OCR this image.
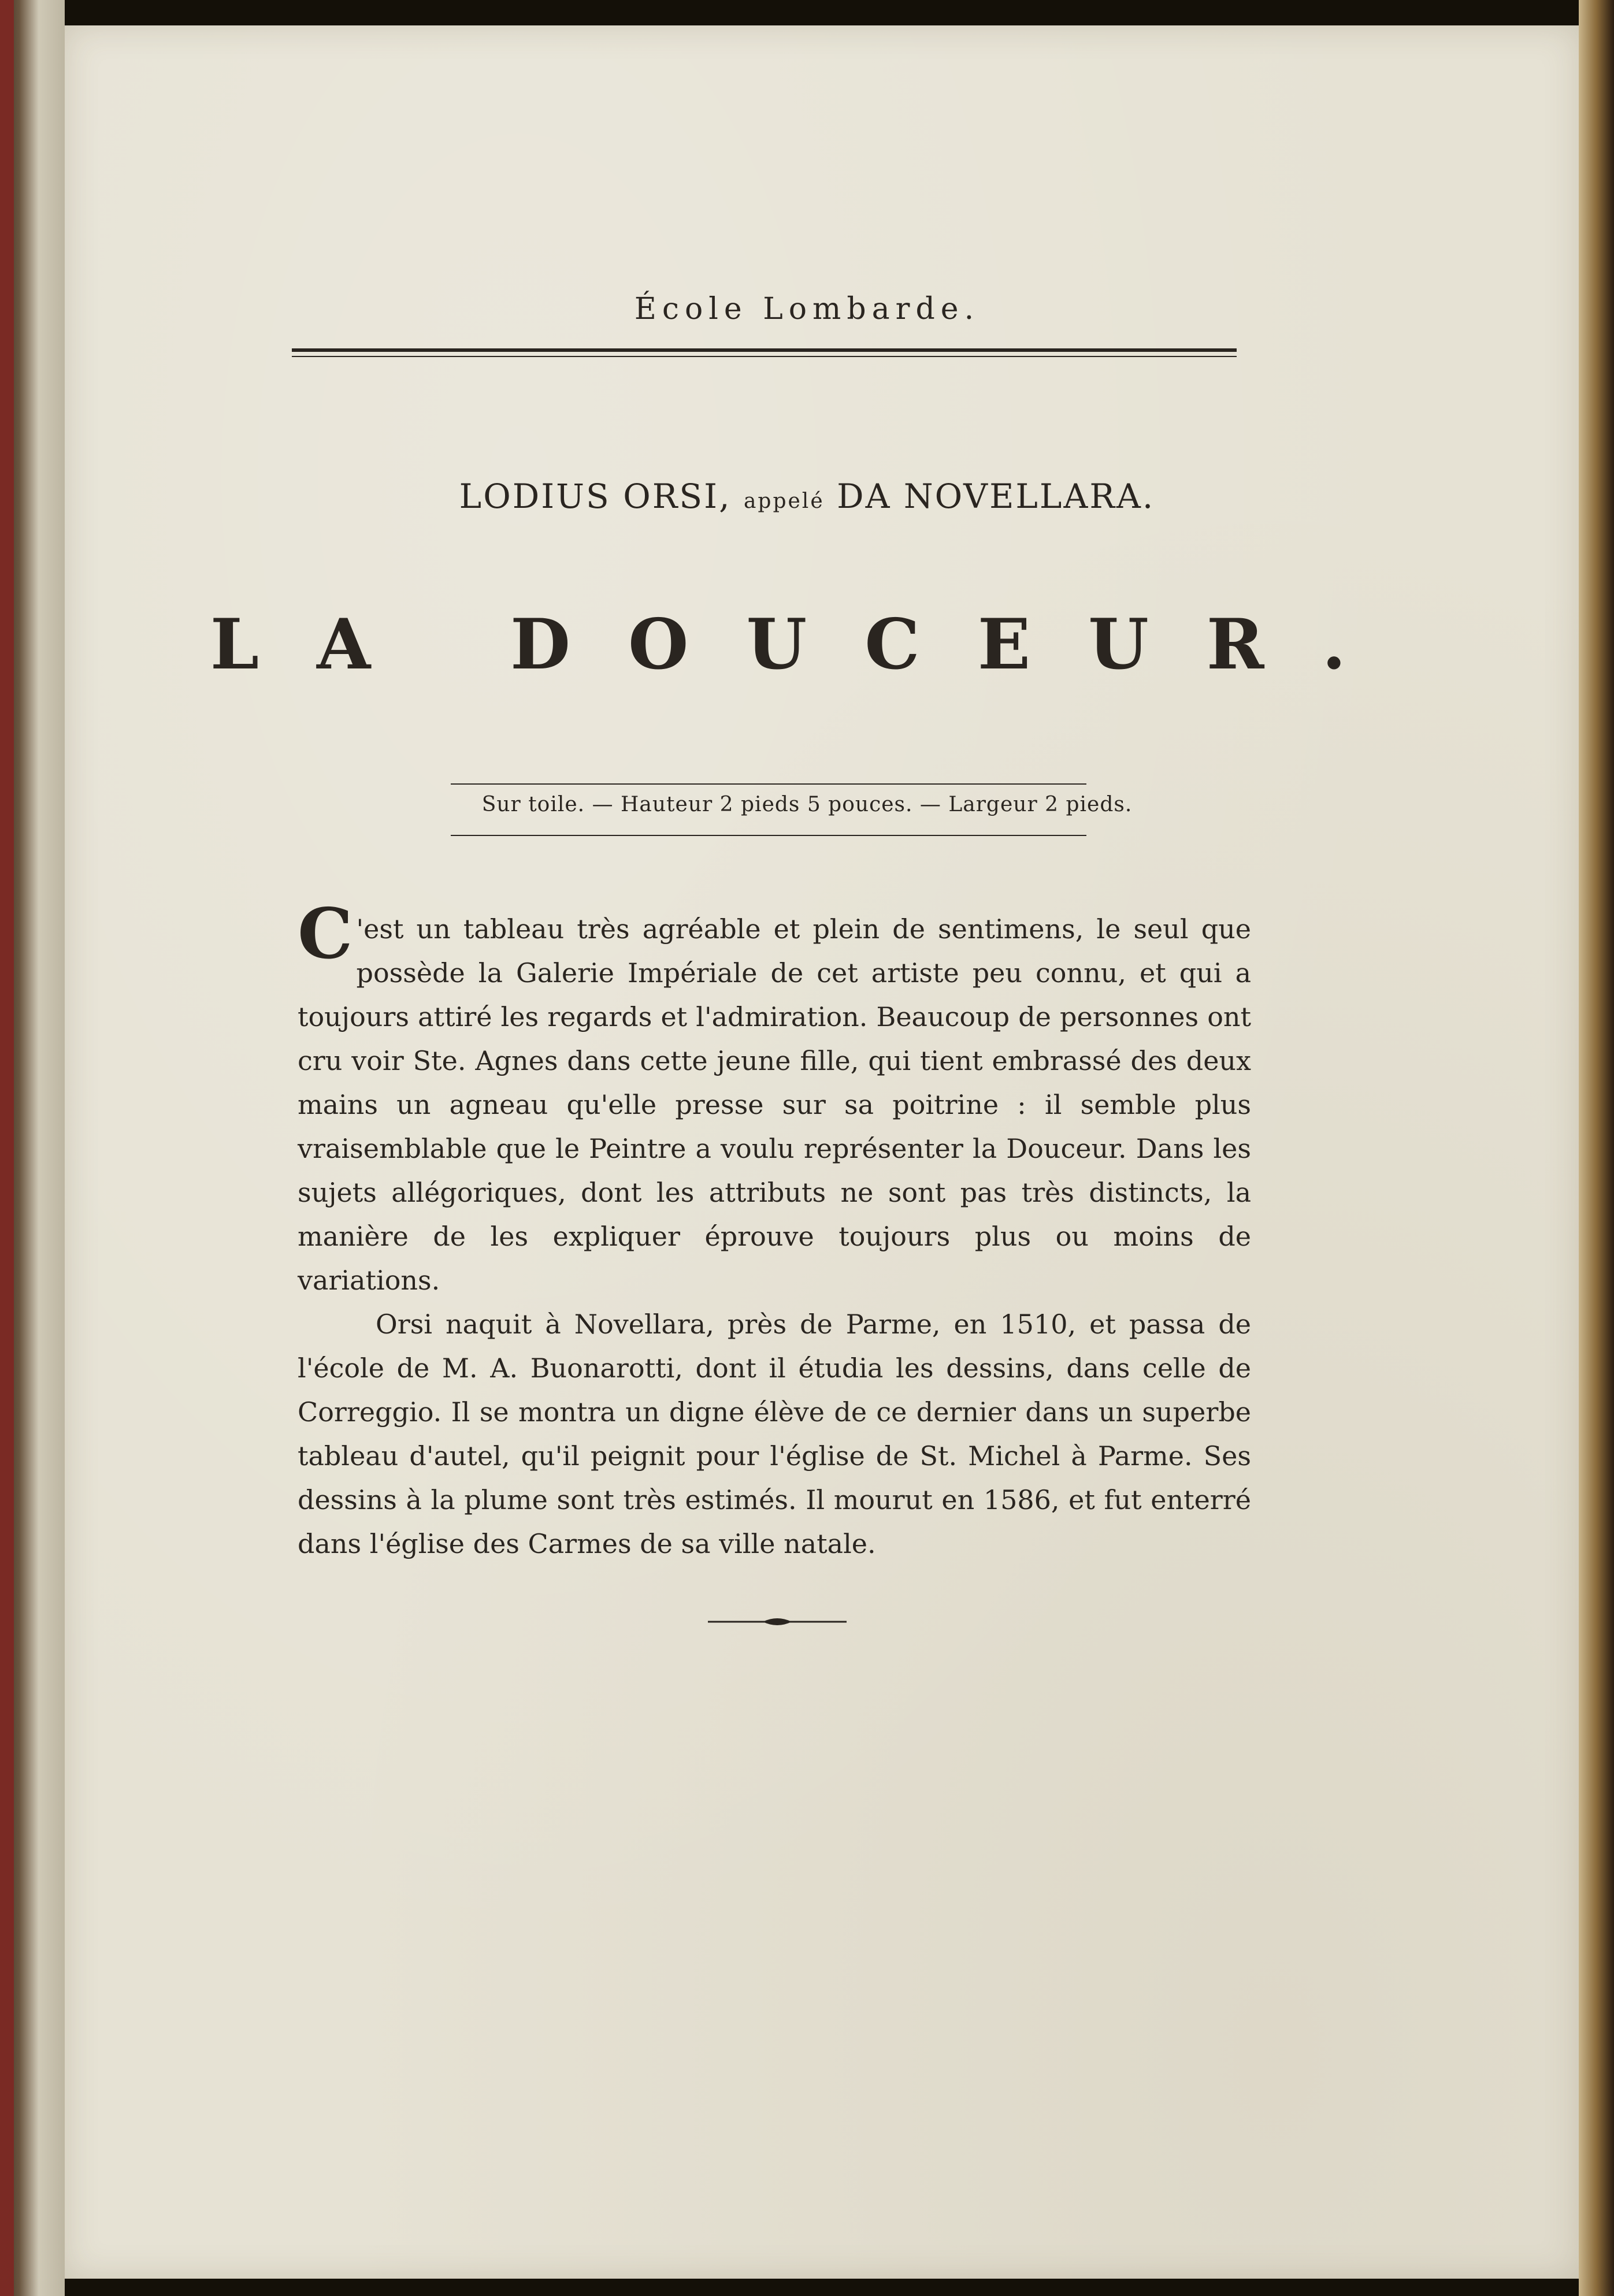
École Lombarde.
LODIUS ORSI, appelé DA NOVELLARA.
LA DOUCEUR.
Sur toile. — Hauteur 2 pieds 5 pouces. — Largeur 2 pieds.

C 'est un tableau très agréable et plein de sentimens, le seul que possède la Galerie Impériale de cet artiste peu connu, et qui a toujours attiré les regards et l'admiration. Beaucoup de personnes ont cru voir Ste. Agnes dans cette jeune fille, qui tient embrassé des deux mains un agneau qu'elle presse sur sa poitrine : il semble plus vraisemblable que le Peintre a voulu représenter la Douceur. Dans les sujets allégoriques, dont les attributs ne sont pas très distincts, la manière de les expliquer éprouve toujours plus ou moins de variations.

Orsi naquit à Novellara, près de Parme, en 1510, et passa de l'école de M. A. Buonarotti, dont il étudia les dessins, dans celle de Correggio. Il se montra un digne élève de ce dernier dans un superbe tableau d'autel, qu'il peignit pour l'église de St. Michel à Parme. Ses dessins à la plume sont très estimés. Il mourut en 1586, et fut enterré dans l'église des Carmes de sa ville natale.
